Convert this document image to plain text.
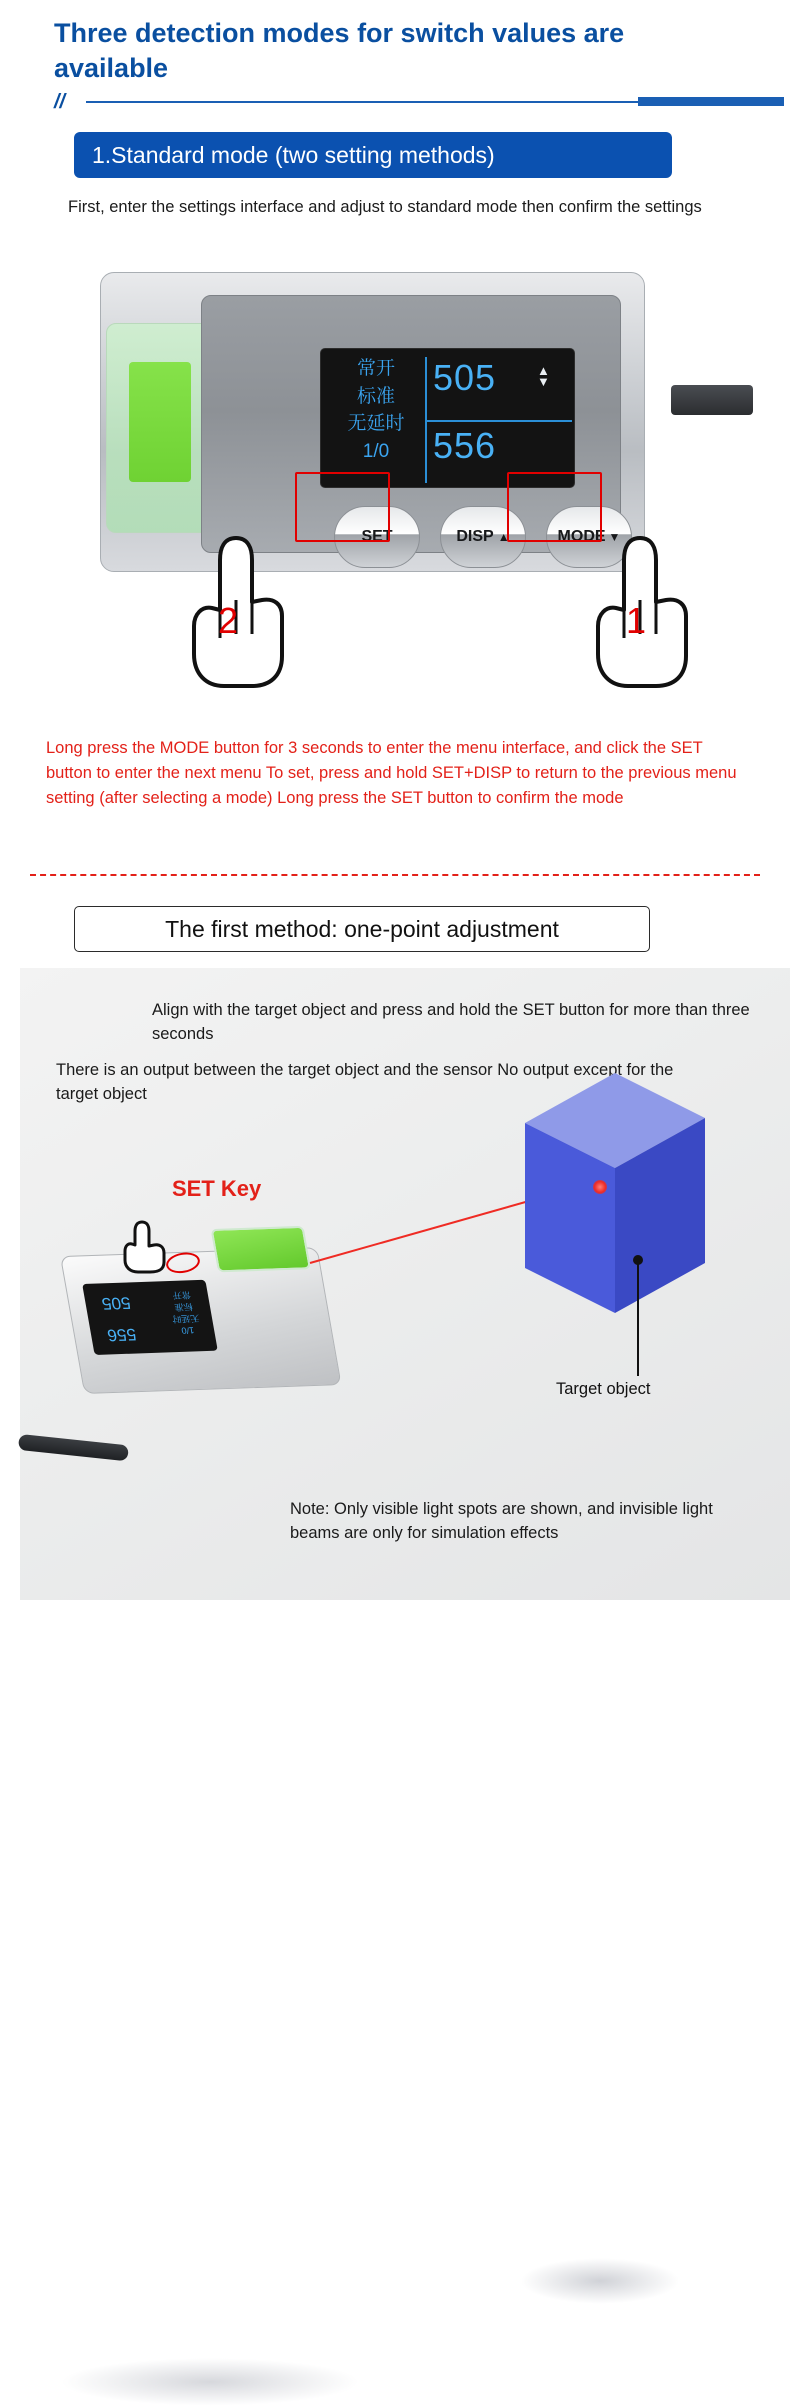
Three detection modes for switch values are available
//
1.Standard mode (two setting methods)
First, enter the settings interface and adjust to standard mode then confirm the settings
常开
标准
无延时
1/0
505
556
▲
▼
SET	DISP ▲	MODE ▼
2	1
Long press the MODE button for 3 seconds to enter the menu interface, and click the SET button to enter the next menu To set, press and hold SET+DISP to return to the previous menu setting (after selecting a mode) Long press the SET button to confirm the mode
The first method: one-point adjustment
Align with the target object and press and hold the SET button for more than three seconds
There is an output between the target object and the sensor No output except for the target object
SET Key
556
505
1/0
无延时
标准
常开
Target object
Note: Only visible light spots are shown, and invisible light beams are only for simulation effects
